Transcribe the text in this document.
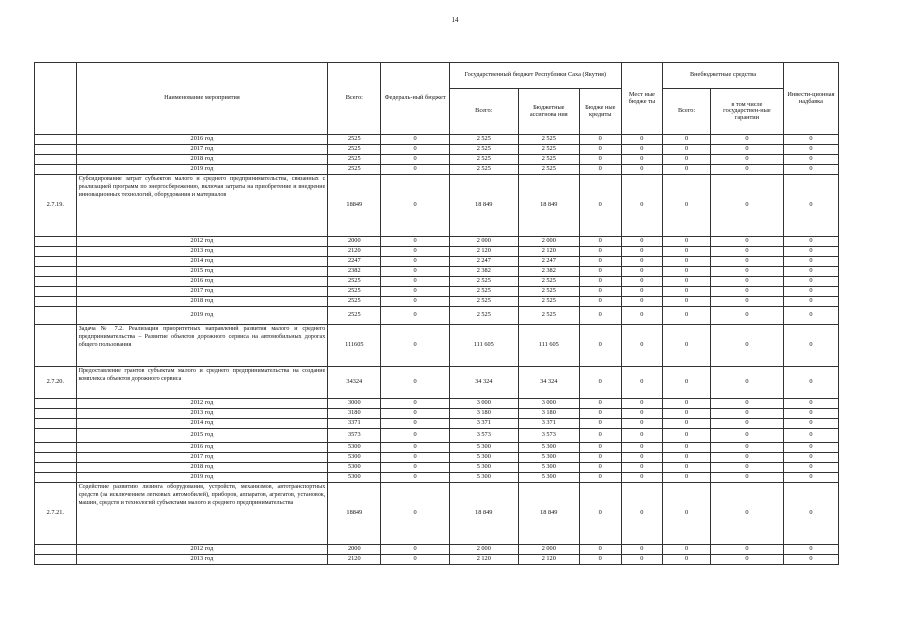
14
	Наименование мероприятия	Всего:	Федераль-ный бюджет	Государственный бюджет Республики Саха (Якутия)			Мест ные бюдже ты	Внебюджетные средства		Инвести-ционная надбавка
				Всего:	Бюджетные ассигнова ния	Бюдже ные кредиты		Всего:	в том числе государствен-ные гарантии	
	2016 год	2525	0	2 525	2 525	0	0	0	0	0
	2017 год	2525	0	2 525	2 525	0	0	0	0	0
	2018 год	2525	0	2 525	2 525	0	0	0	0	0
	2019 год	2525	0	2 525	2 525	0	0	0	0	0
2.7.19.	Субсидирование затрат субъектов малого и среднего предпринимательства, связанных с реализацией программ по энергосбережению, включая затраты на приобретение и внедрение инновационных технологий, оборудования и материалов	18849	0	18 849	18 849	0	0	0	0	0
	2012 год	2000	0	2 000	2 000	0	0	0	0	0
	2013 год	2120	0	2 120	2 120	0	0	0	0	0
	2014 год	2247	0	2 247	2 247	0	0	0	0	0
	2015 год	2382	0	2 382	2 382	0	0	0	0	0
	2016 год	2525	0	2 525	2 525	0	0	0	0	0
	2017 год	2525	0	2 525	2 525	0	0	0	0	0
	2018 год	2525	0	2 525	2 525	0	0	0	0	0
	2019 год	2525	0	2 525	2 525	0	0	0	0	0
	Задача № 7.2. Реализация приоритетных направлений развития малого и среднего предпринимательства – Развитие объектов дорожного сервиса на автомобильных дорогах общего пользования	111605	0	111 605	111 605	0	0	0	0	0
2.7.20.	Предоставление грантов субъектам малого и среднего предпринимательства на создание комплекса объектов дорожного сервиса	34324	0	34 324	34 324	0	0	0	0	0
	2012 год	3000	0	3 000	3 000	0	0	0	0	0
	2013 год	3180	0	3 180	3 180	0	0	0	0	0
	2014 год	3371	0	3 371	3 371	0	0	0	0	0
	2015 год	3573	0	3 573	3 573	0	0	0	0	0
	2016 год	5300	0	5 300	5 300	0	0	0	0	0
	2017 год	5300	0	5 300	5 300	0	0	0	0	0
	2018 год	5300	0	5 300	5 300	0	0	0	0	0
	2019 год	5300	0	5 300	5 300	0	0	0	0	0
2.7.21.	Содействие развитию лизинга оборудования, устройств, механизмов, автотранспортных средств (за исключением легковых автомобилей), приборов, аппаратов, агрегатов, установок, машин, средств и технологий субъектами малого и среднего предпринимательства	18849	0	18 849	18 849	0	0	0	0	0
	2012 год	2000	0	2 000	2 000	0	0	0	0	0
	2013 год	2120	0	2 120	2 120	0	0	0	0	0
